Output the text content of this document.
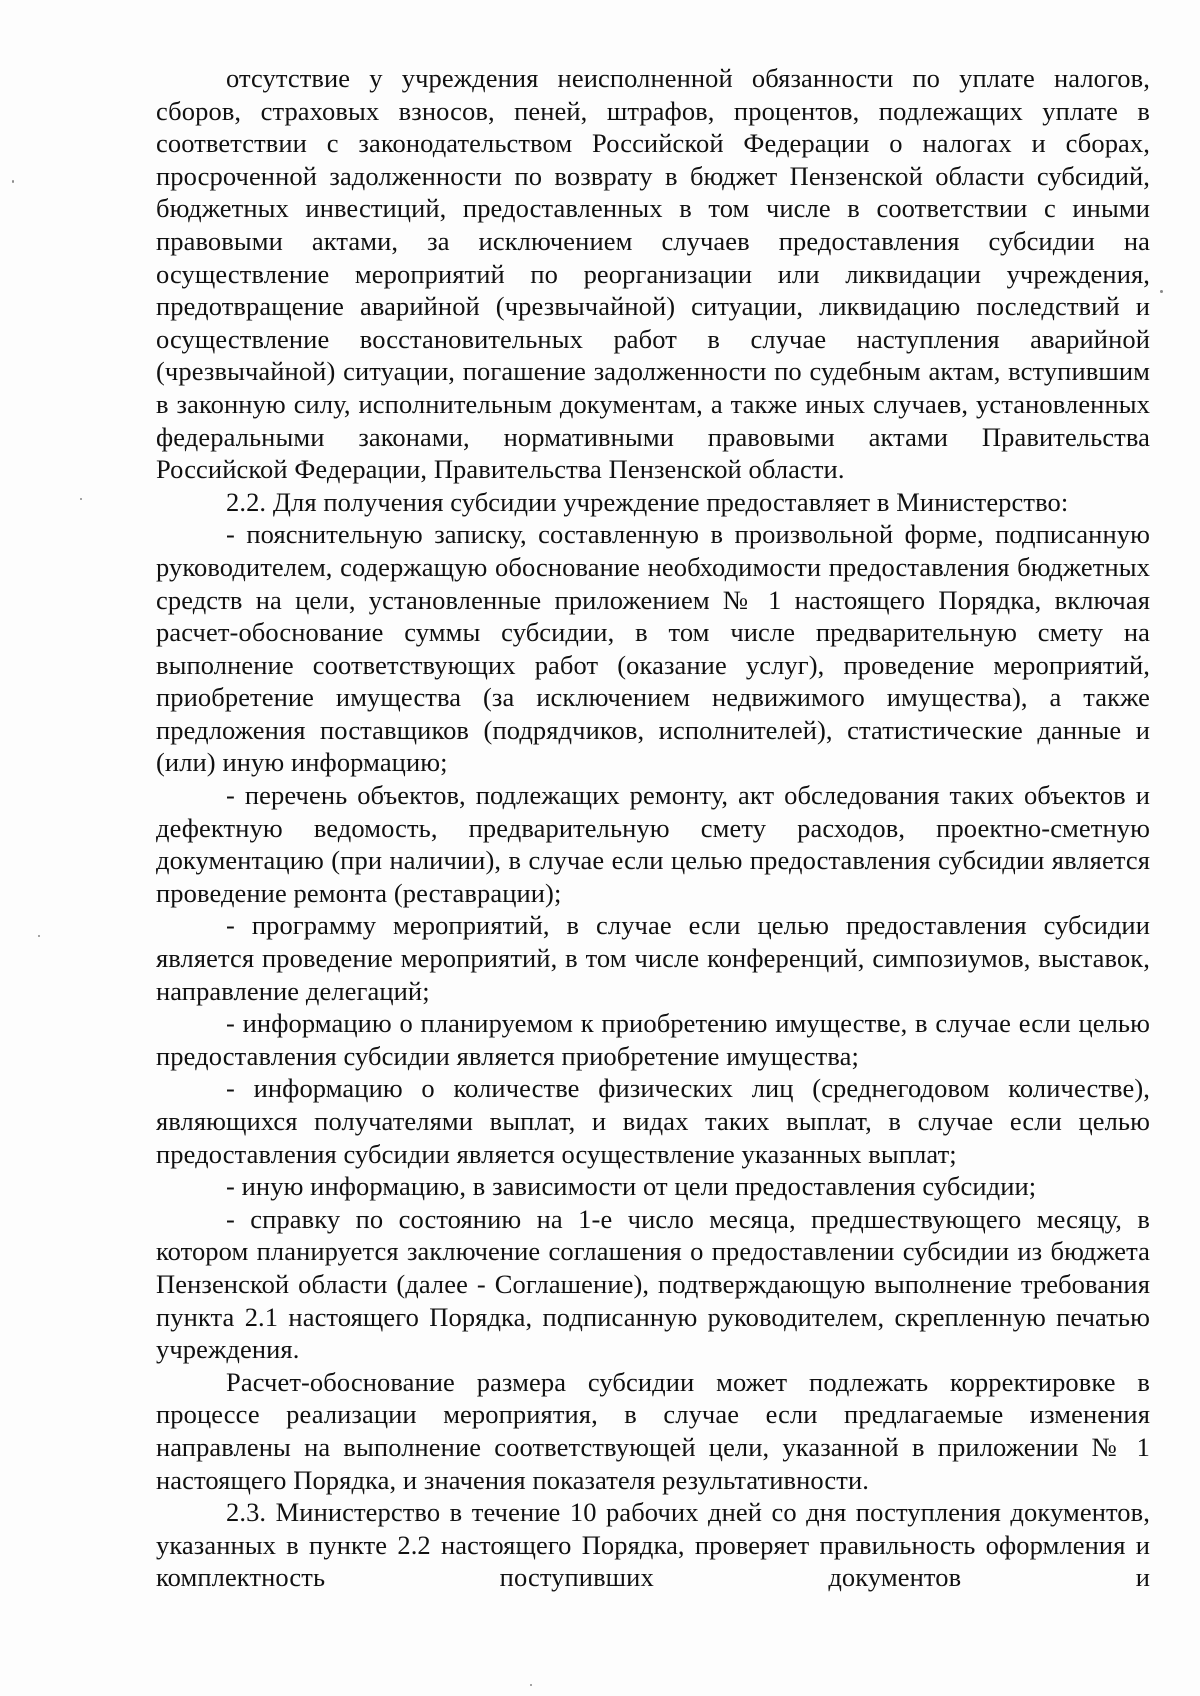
отсутствие у учреждения неисполненной обязанности по уплате налогов, сборов, страховых взносов, пеней, штрафов, процентов, подлежащих уплате в соответствии с законодательством Российской Федерации о налогах и сборах, просроченной задолженности по возврату в бюджет Пензенской области субсидий, бюджетных инвестиций, предоставленных в том числе в соответствии с иными правовыми актами, за исключением случаев предоставления субсидии на осуществление мероприятий по реорганизации или ликвидации учреждения, предотвращение аварийной (чрезвычайной) ситуации, ликвидацию последствий и осуществление восстановительных работ в случае наступления аварийной (чрезвычайной) ситуации, погашение задолженности по судебным актам, вступившим в законную силу, исполнительным документам, а также иных случаев, установленных федеральными законами, нормативными правовыми актами Правительства Российской Федерации, Правительства Пензенской области.

2.2. Для получения субсидии учреждение предоставляет в Министерство:

- пояснительную записку, составленную в произвольной форме, подписанную руководителем, содержащую обоснование необходимости предоставления бюджетных средств на цели, установленные приложением № 1 настоящего Порядка, включая расчет-обоснование суммы субсидии, в том числе предварительную смету на выполнение соответствующих работ (оказание услуг), проведение мероприятий, приобретение имущества (за исключением недвижимого имущества), а также предложения поставщиков (подрядчиков, исполнителей), статистические данные и (или) иную информацию;

- перечень объектов, подлежащих ремонту, акт обследования таких объектов и дефектную ведомость, предварительную смету расходов, проектно-сметную документацию (при наличии), в случае если целью предоставления субсидии является проведение ремонта (реставрации);

- программу мероприятий, в случае если целью предоставления субсидии является проведение мероприятий, в том числе конференций, симпозиумов, выставок, направление делегаций;

- информацию о планируемом к приобретению имуществе, в случае если целью предоставления субсидии является приобретение имущества;

- информацию о количестве физических лиц (среднегодовом количестве), являющихся получателями выплат, и видах таких выплат, в случае если целью предоставления субсидии является осуществление указанных выплат;

- иную информацию, в зависимости от цели предоставления субсидии;

- справку по состоянию на 1-е число месяца, предшествующего месяцу, в котором планируется заключение соглашения о предоставлении субсидии из бюджета Пензенской области (далее - Соглашение), подтверждающую выполнение требования пункта 2.1 настоящего Порядка, подписанную руководителем, скрепленную печатью учреждения.

Расчет-обоснование размера субсидии может подлежать корректировке в процессе реализации мероприятия, в случае если предлагаемые изменения направлены на выполнение соответствующей цели, указанной в приложении № 1 настоящего Порядка, и значения показателя результативности.

2.3. Министерство в течение 10 рабочих дней со дня поступления документов, указанных в пункте 2.2 настоящего Порядка, проверяет правильность оформления и комплектность поступивших документов и
